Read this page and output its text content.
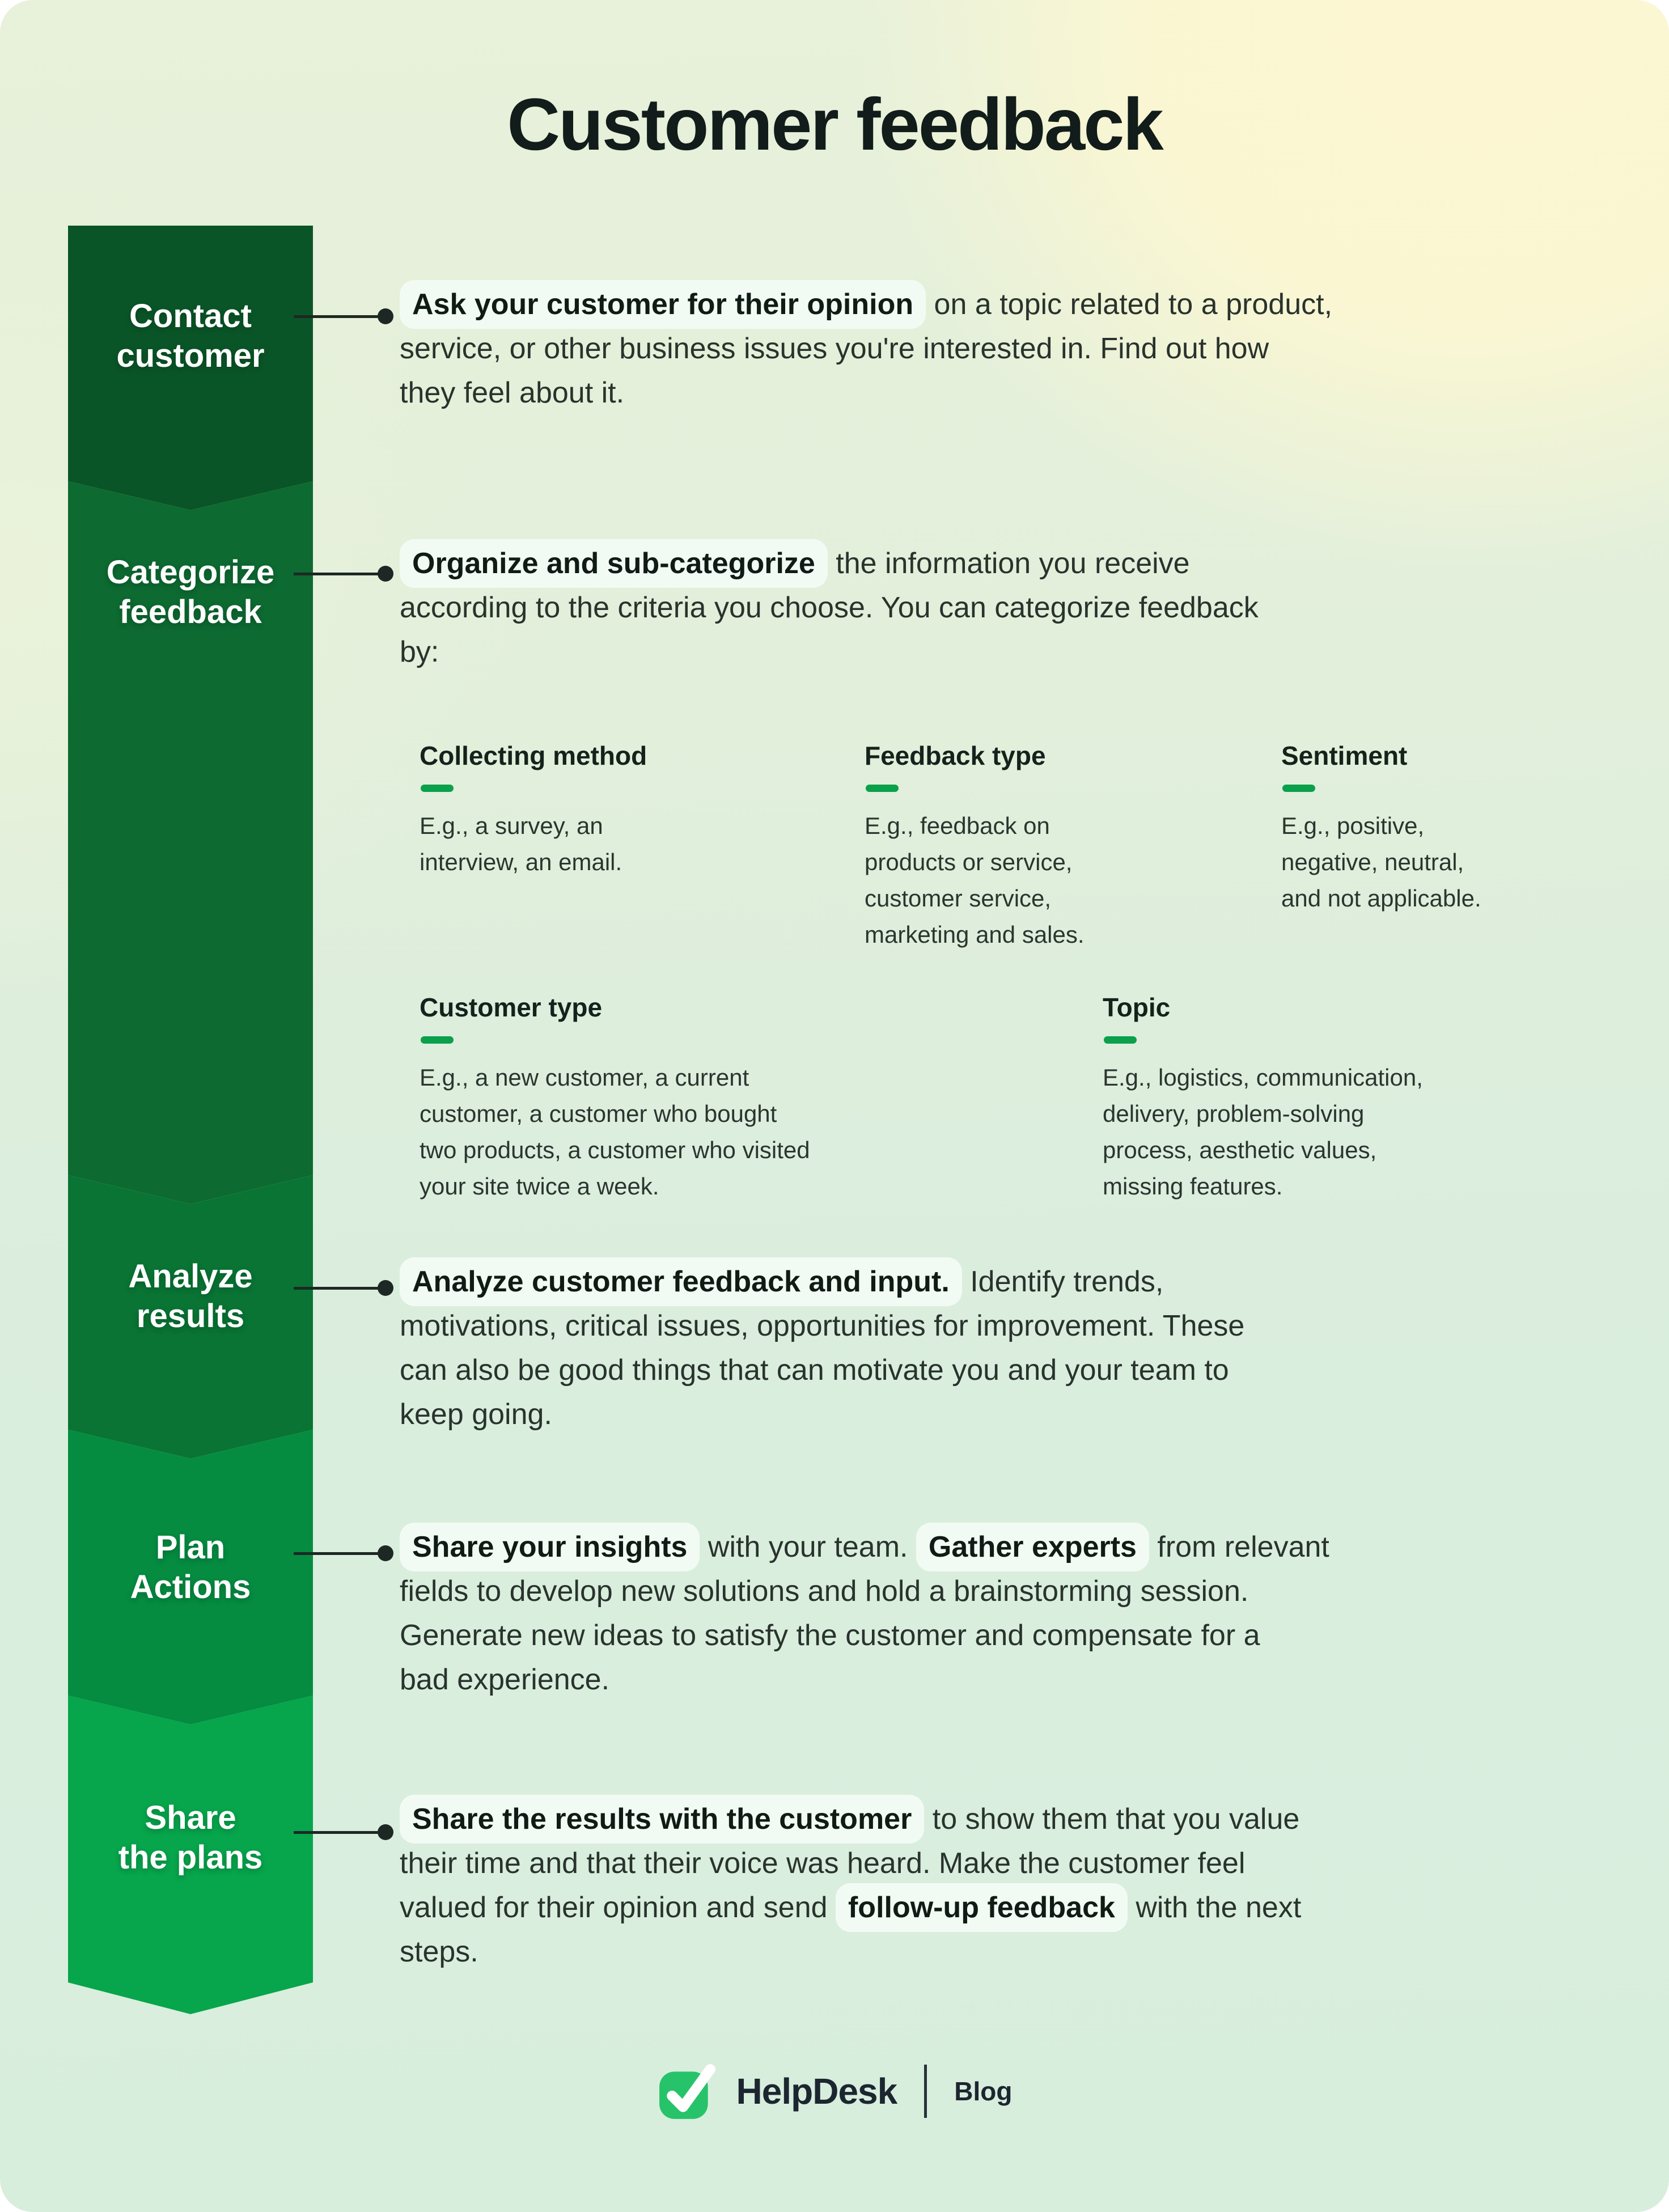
Customer feedback
Contact
customer
Categorize
feedback
Analyze
results
Plan
Actions
Share
the plans
Ask your customer for their opinion on a topic related to a product,
service, or other business issues you're interested in. Find out how
they feel about it.
Organize and sub-categorize the information you receive
according to the criteria you choose. You can categorize feedback
by:
Analyze customer feedback and input. Identify trends,
motivations, critical issues, opportunities for improvement. These
can also be good things that can motivate you and your team to
keep going.
Share your insights with your team. Gather experts from relevant
fields to develop new solutions and hold a brainstorming session.
Generate new ideas to satisfy the customer and compensate for a
bad experience.
Share the results with the customer to show them that you value
their time and that their voice was heard. Make the customer feel
valued for their opinion and send follow-up feedback with the next
steps.
Collecting method
E.g., a survey, an
interview, an email.
Feedback type
E.g., feedback on
products or service,
customer service,
marketing and sales.
Sentiment
E.g., positive,
negative, neutral,
and not applicable.
Customer type
E.g., a new customer, a current
customer, a customer who bought
two products, a customer who visited
your site twice a week.
Topic
E.g., logistics, communication,
delivery, problem-solving
process, aesthetic values,
missing features.
HelpDesk Blog
